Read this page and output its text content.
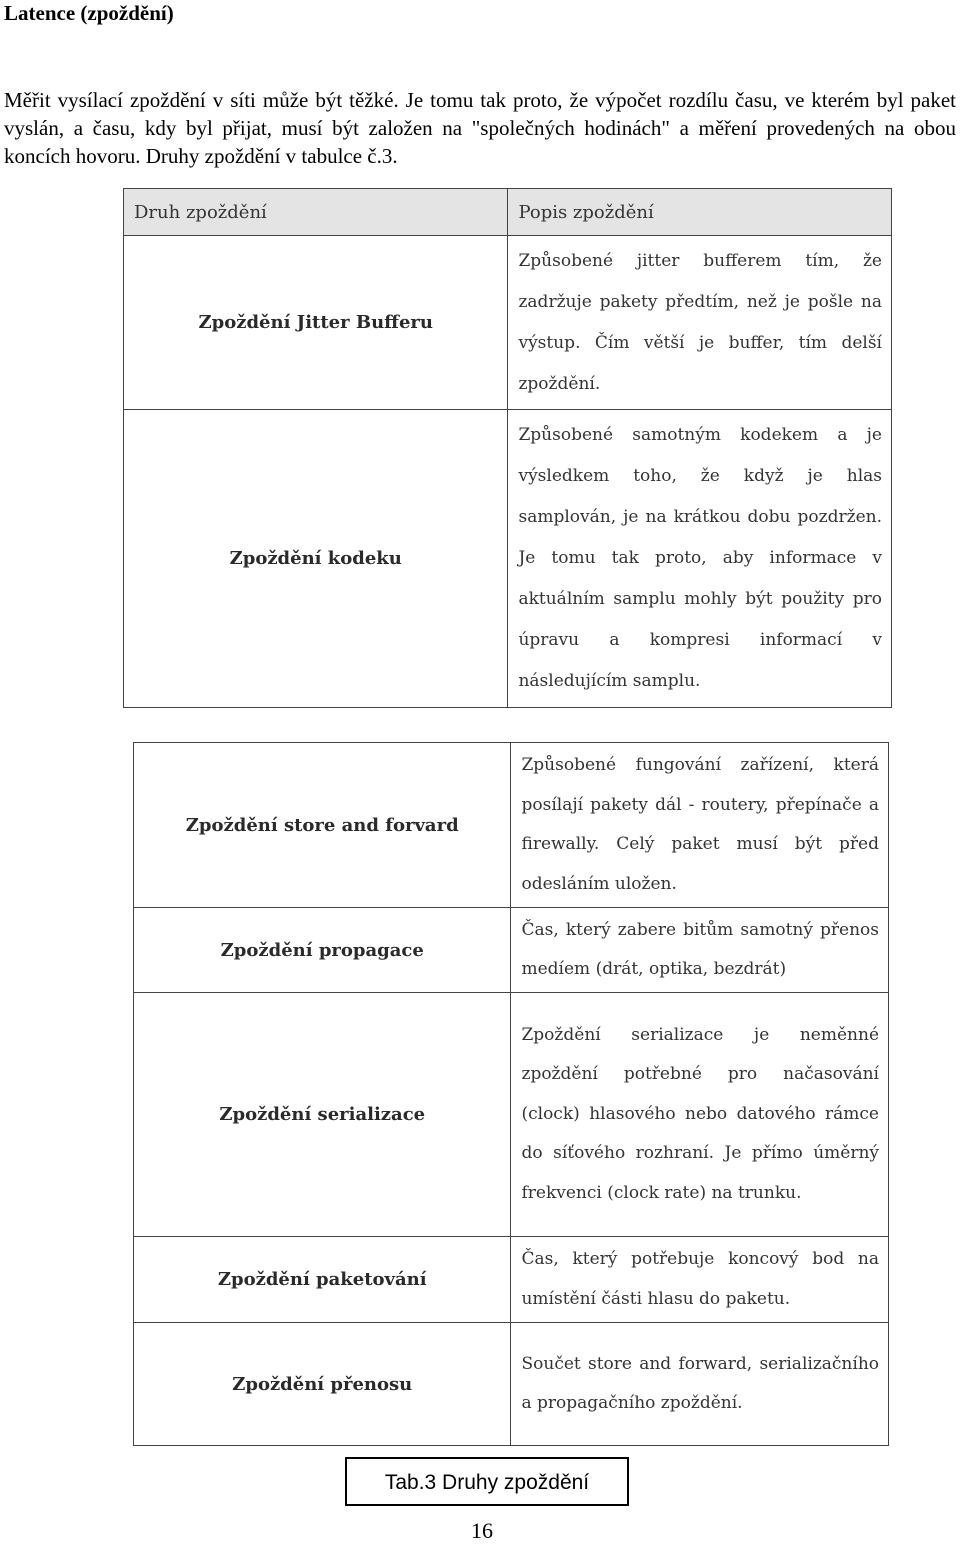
Latence (zpoždění)
Měřit vysílací zpoždění v síti může být těžké. Je tomu tak proto, že výpočet rozdílu času, ve kterém byl paket vyslán, a času, kdy byl přijat, musí být založen na "společných hodinách" a měření provedených na obou koncích hovoru. Druhy zpoždění v tabulce č.3.
Druh zpoždění	Popis zpoždění
Zpoždění Jitter Bufferu	Způsobené jitter bufferem tím, že zadržuje pakety předtím, než je pošle na výstup. Čím větší je buffer, tím delší zpoždění.
Zpoždění kodeku	Způsobené samotným kodekem a je výsledkem toho, že když je hlas samplován, je na krátkou dobu pozdržen. Je tomu tak proto, aby informace v aktuálním samplu mohly být použity pro úpravu a kompresi informací v následujícím samplu.
Zpoždění store and forvard	Způsobené fungování zařízení, která posílají pakety dál - routery, přepínače a firewally. Celý paket musí být před odesláním uložen.
Zpoždění propagace	Čas, který zabere bitům samotný přenos medíem (drát, optika, bezdrát)
Zpoždění serializace	Zpoždění serializace je neměnné zpoždění potřebné pro načasování (clock) hlasového nebo datového rámce do síťového rozhraní. Je přímo úměrný frekvenci (clock rate) na trunku.
Zpoždění paketování	Čas, který potřebuje koncový bod na umístění části hlasu do paketu.
Zpoždění přenosu	Součet store and forward, serializačního a propagačního zpoždění.
Tab.3 Druhy zpoždění
16
